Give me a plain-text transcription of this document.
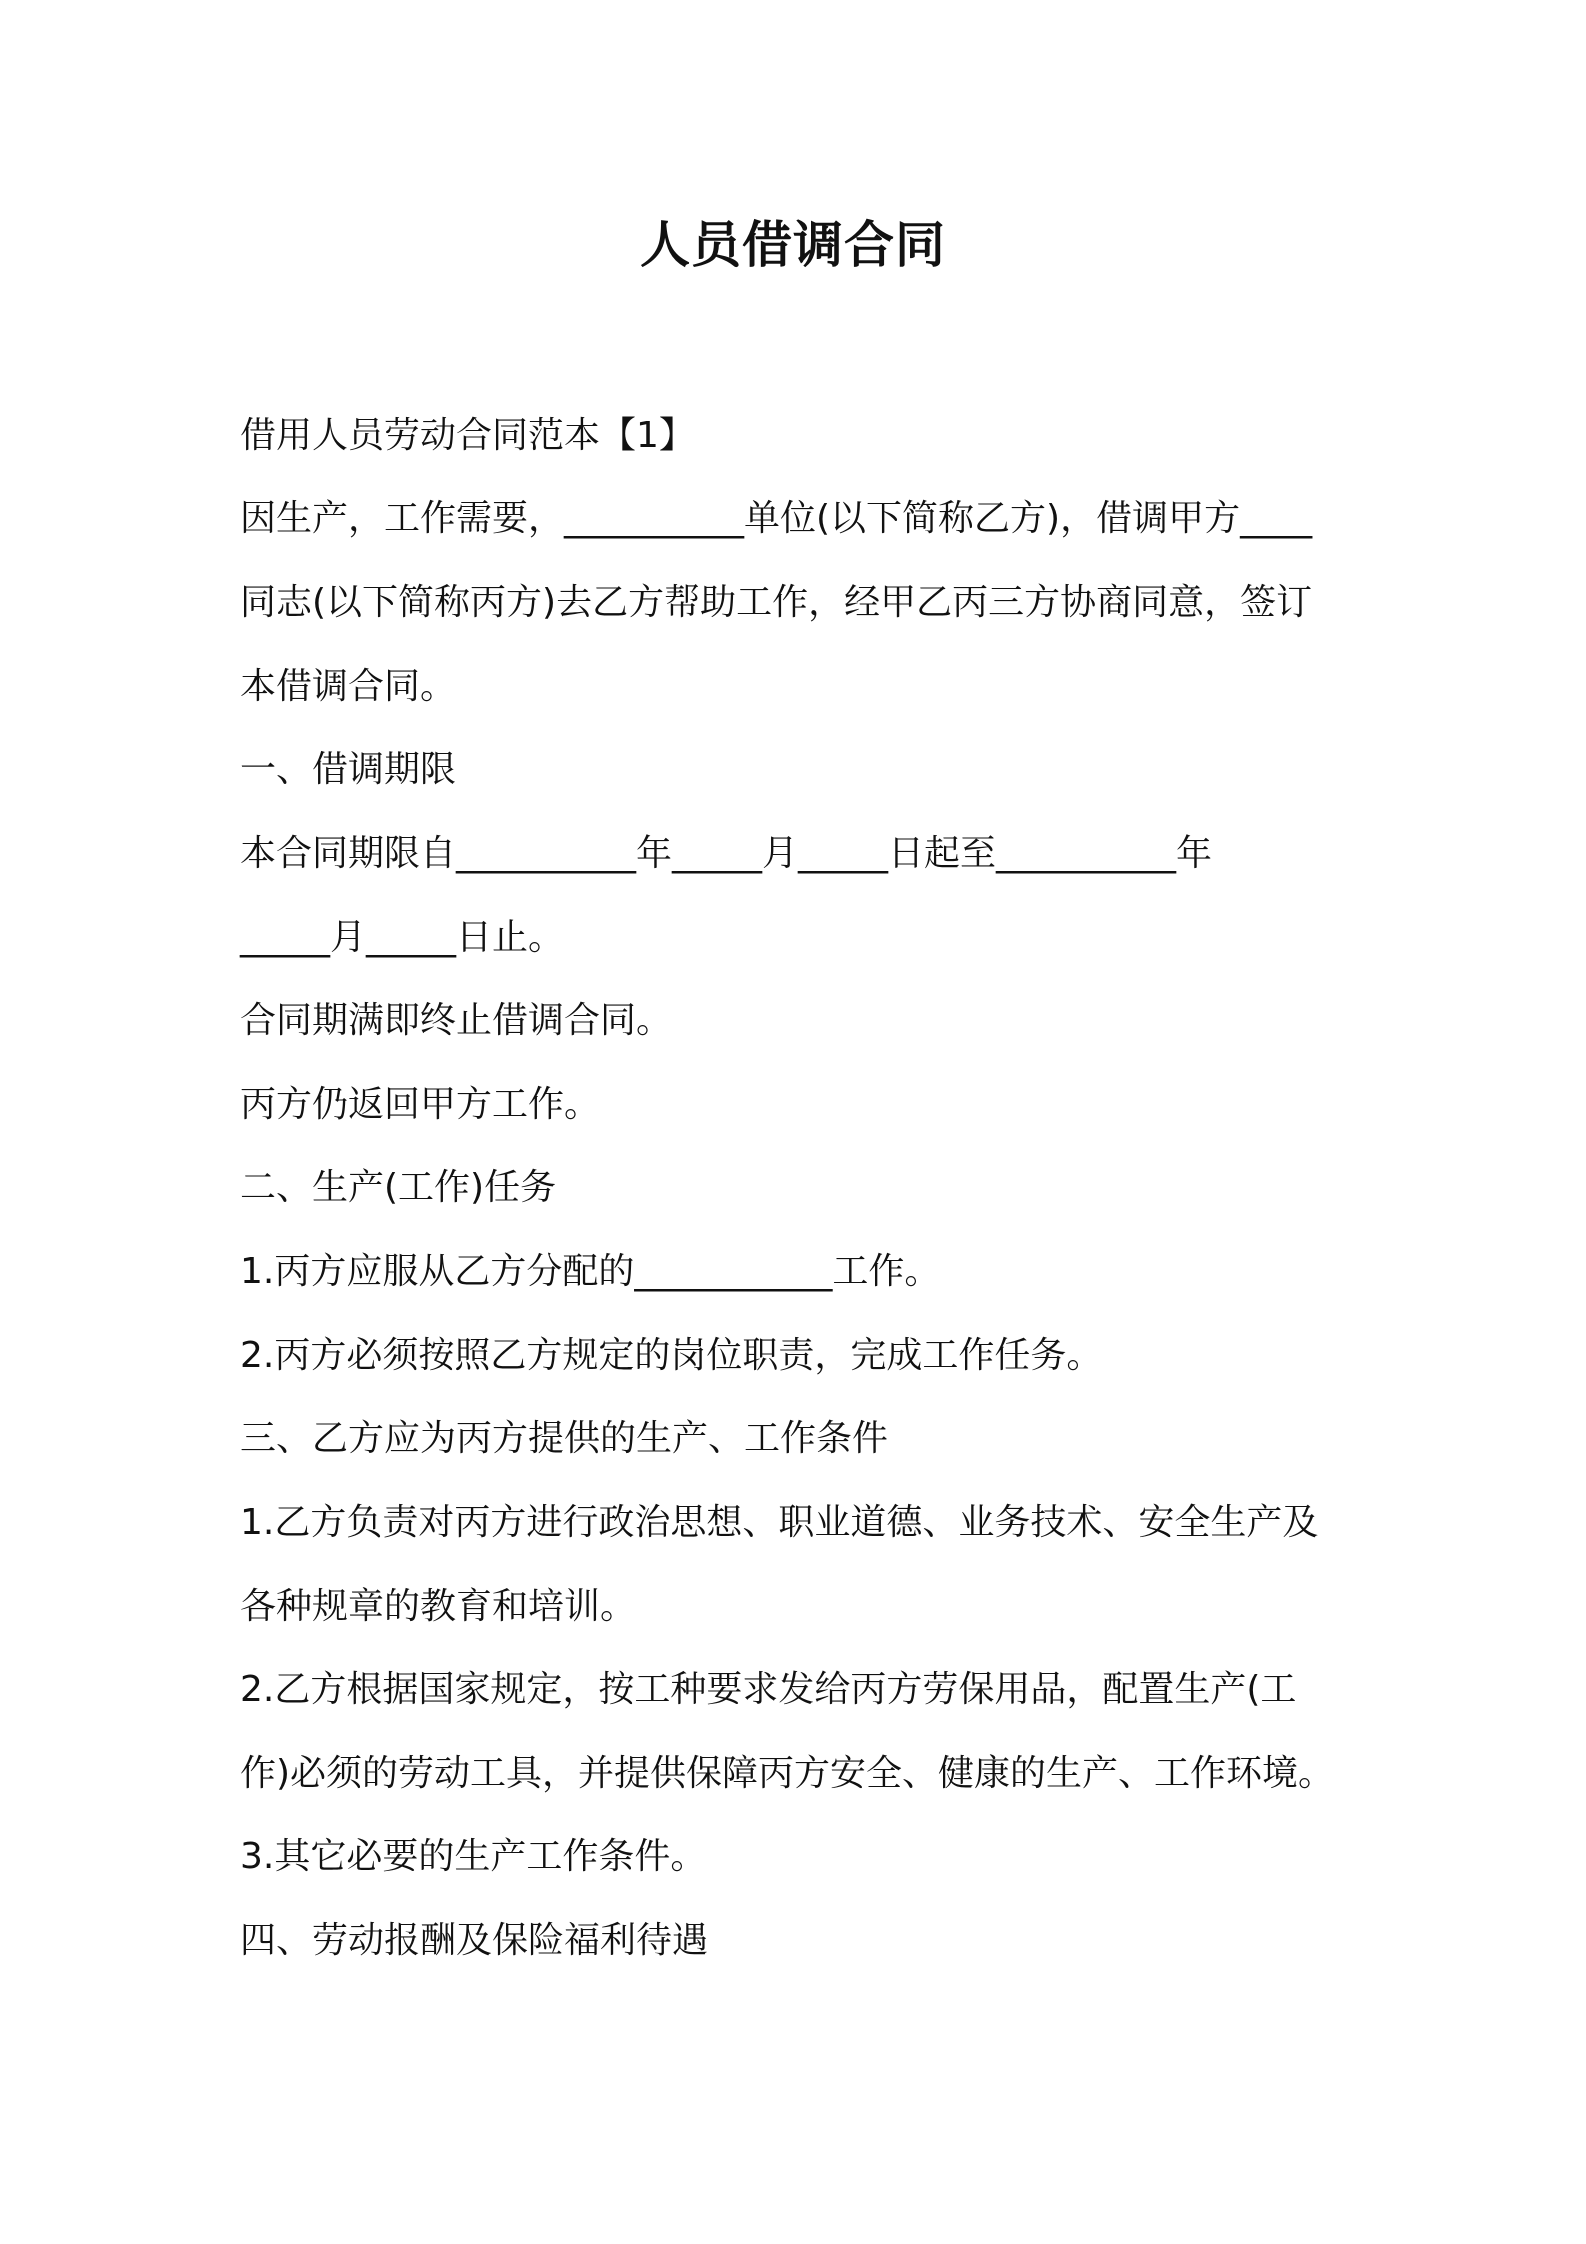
人员借调合同
借用人员劳动合同范本【1】
因生产，工作需要，__________单位(以下简称乙方)，借调甲方____
同志(以下简称丙方)去乙方帮助工作，经甲乙丙三方协商同意，签订
本借调合同。
一、借调期限
本合同期限自__________年_____月_____日起至__________年
_____月_____日止。
合同期满即终止借调合同。
丙方仍返回甲方工作。
二、生产(工作)任务
1.丙方应服从乙方分配的___________工作。
2.丙方必须按照乙方规定的岗位职责，完成工作任务。
三、乙方应为丙方提供的生产、工作条件
1.乙方负责对丙方进行政治思想、职业道德、业务技术、安全生产及
各种规章的教育和培训。
2.乙方根据国家规定，按工种要求发给丙方劳保用品，配置生产(工
作)必须的劳动工具，并提供保障丙方安全、健康的生产、工作环境。
3.其它必要的生产工作条件。
四、劳动报酬及保险福利待遇
